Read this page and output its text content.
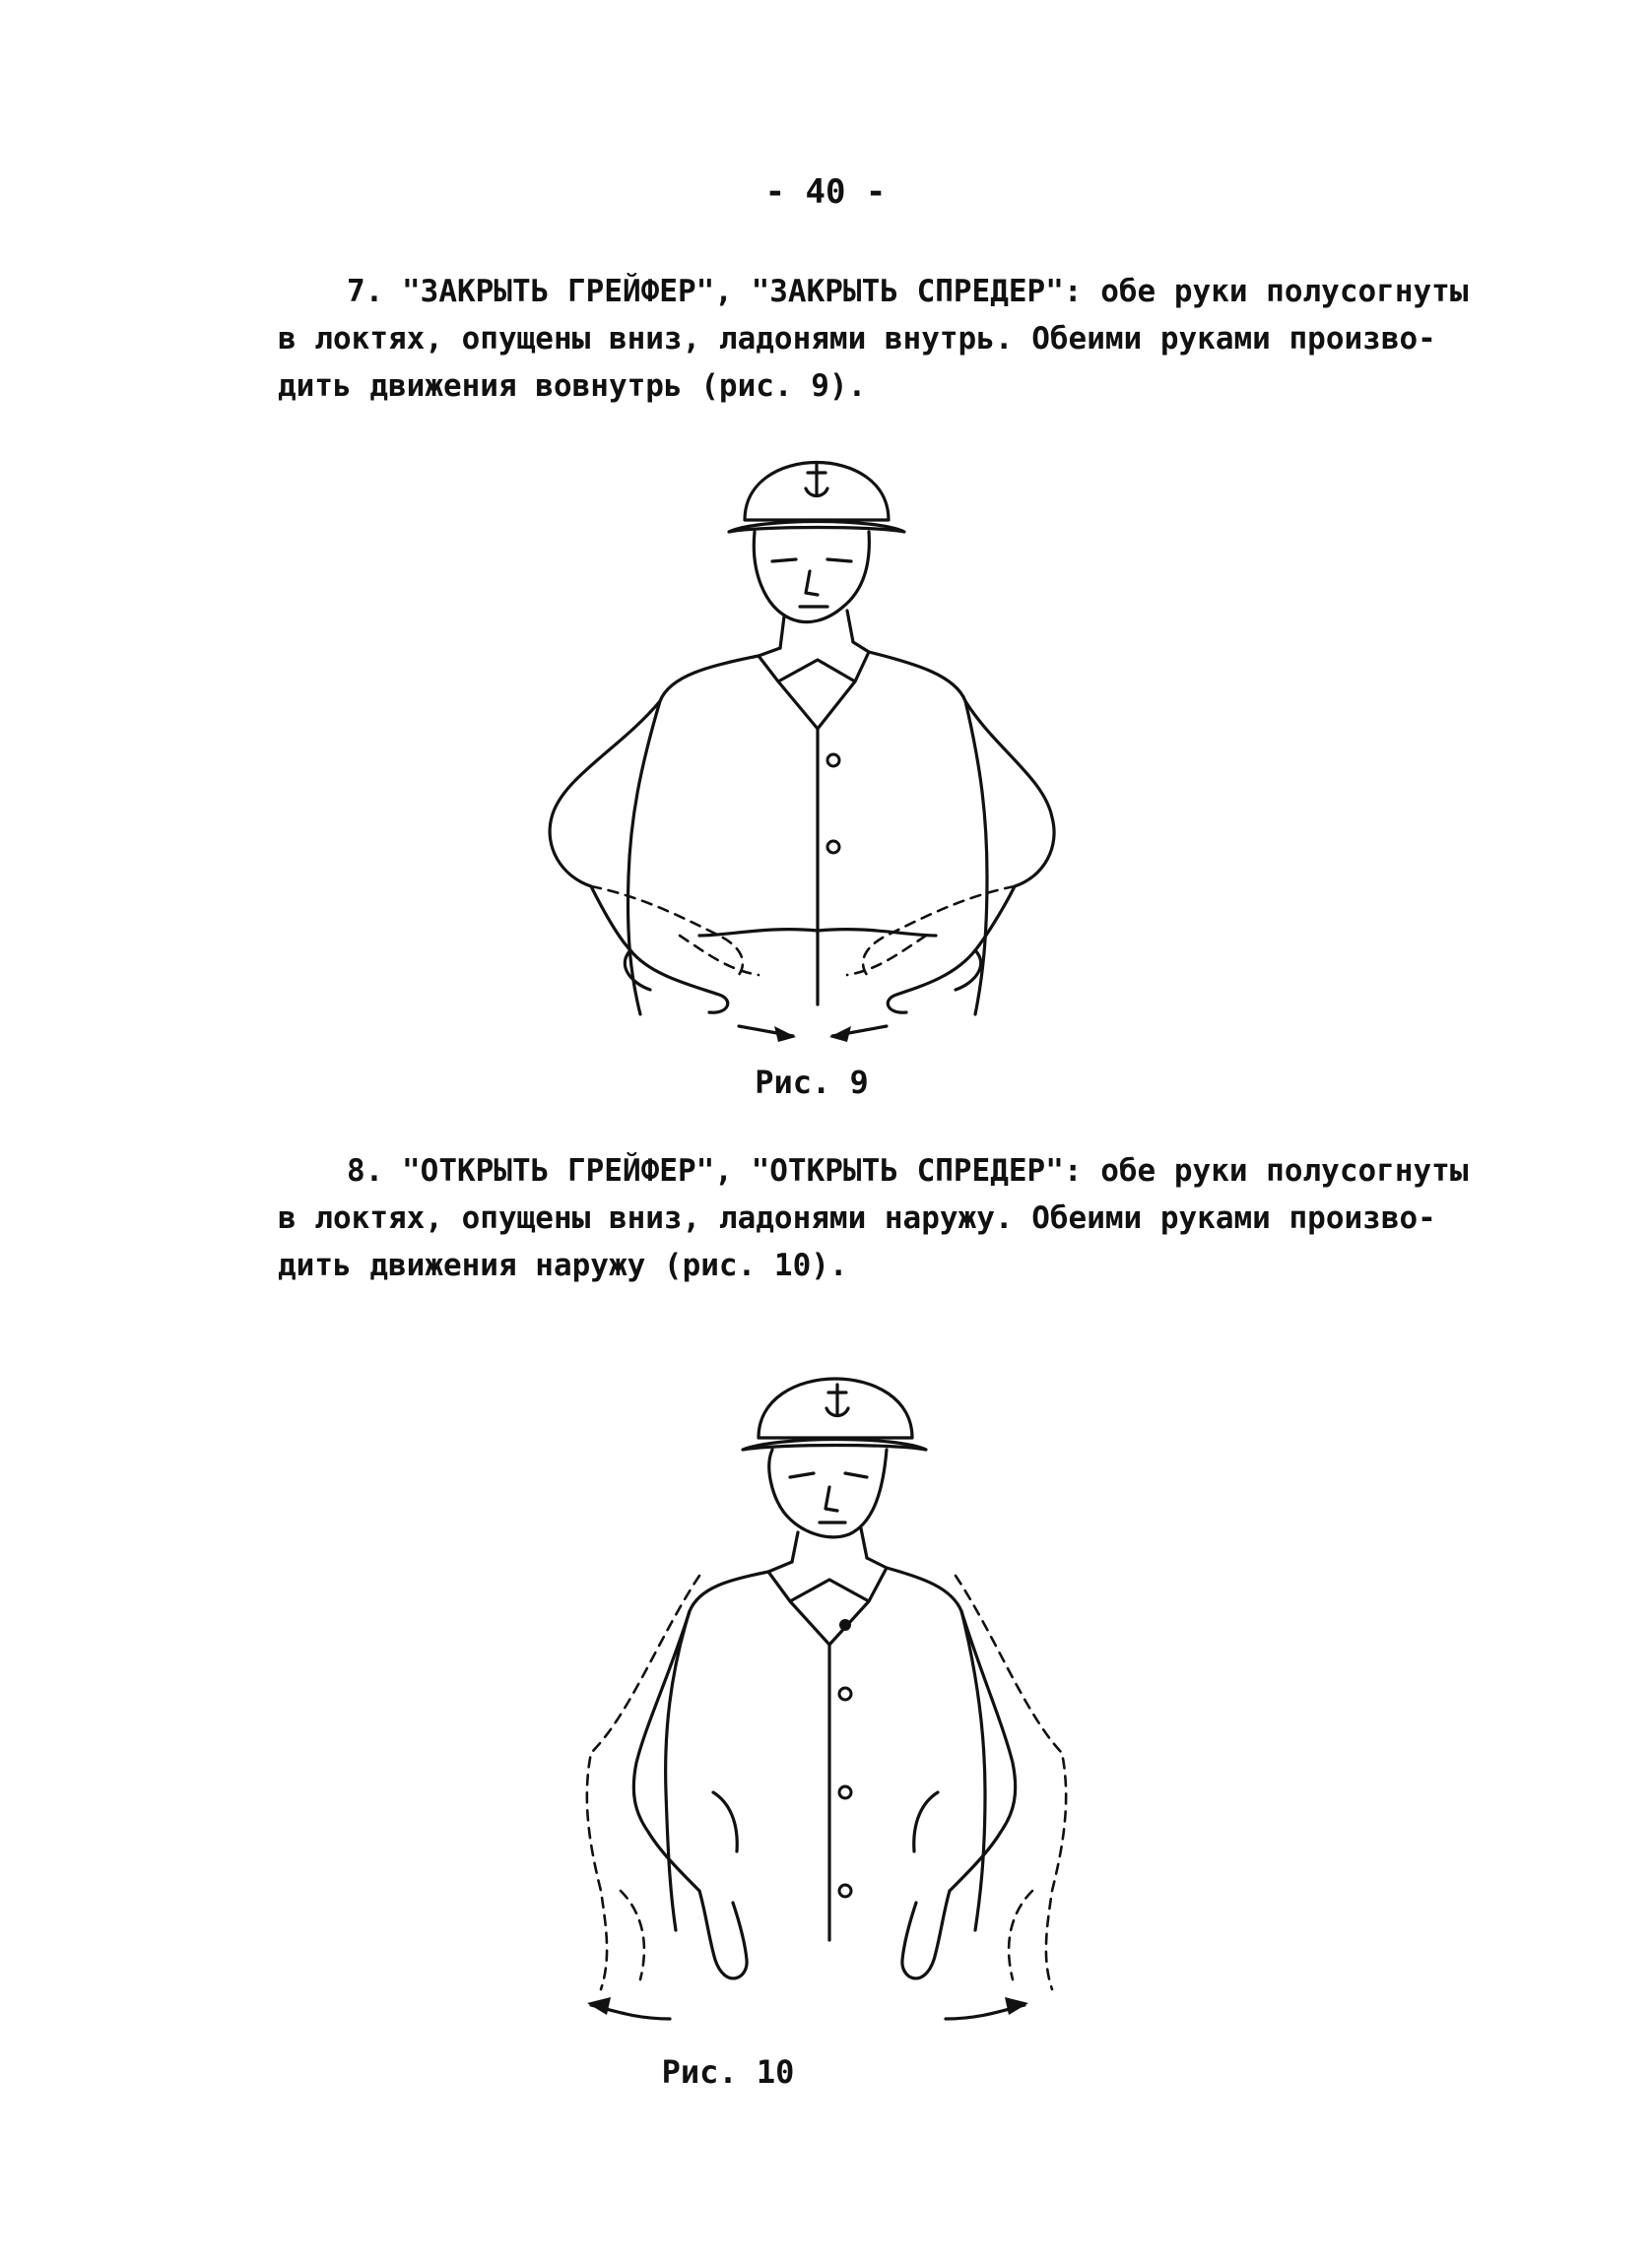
- 40 -
7. "ЗАКРЫТЬ ГРЕЙФЕР", "ЗАКРЫТЬ СПРЕДЕР": обе руки полусогнуты
в локтях, опущены вниз, ладонями внутрь. Обеими руками произво-
дить движения вовнутрь (рис. 9).
Рис. 9
8. "ОТКРЫТЬ ГРЕЙФЕР", "ОТКРЫТЬ СПРЕДЕР": обе руки полусогнуты
в локтях, опущены вниз, ладонями наружу. Обеими руками произво-
дить движения наружу (рис. 10).
Рис. 10
